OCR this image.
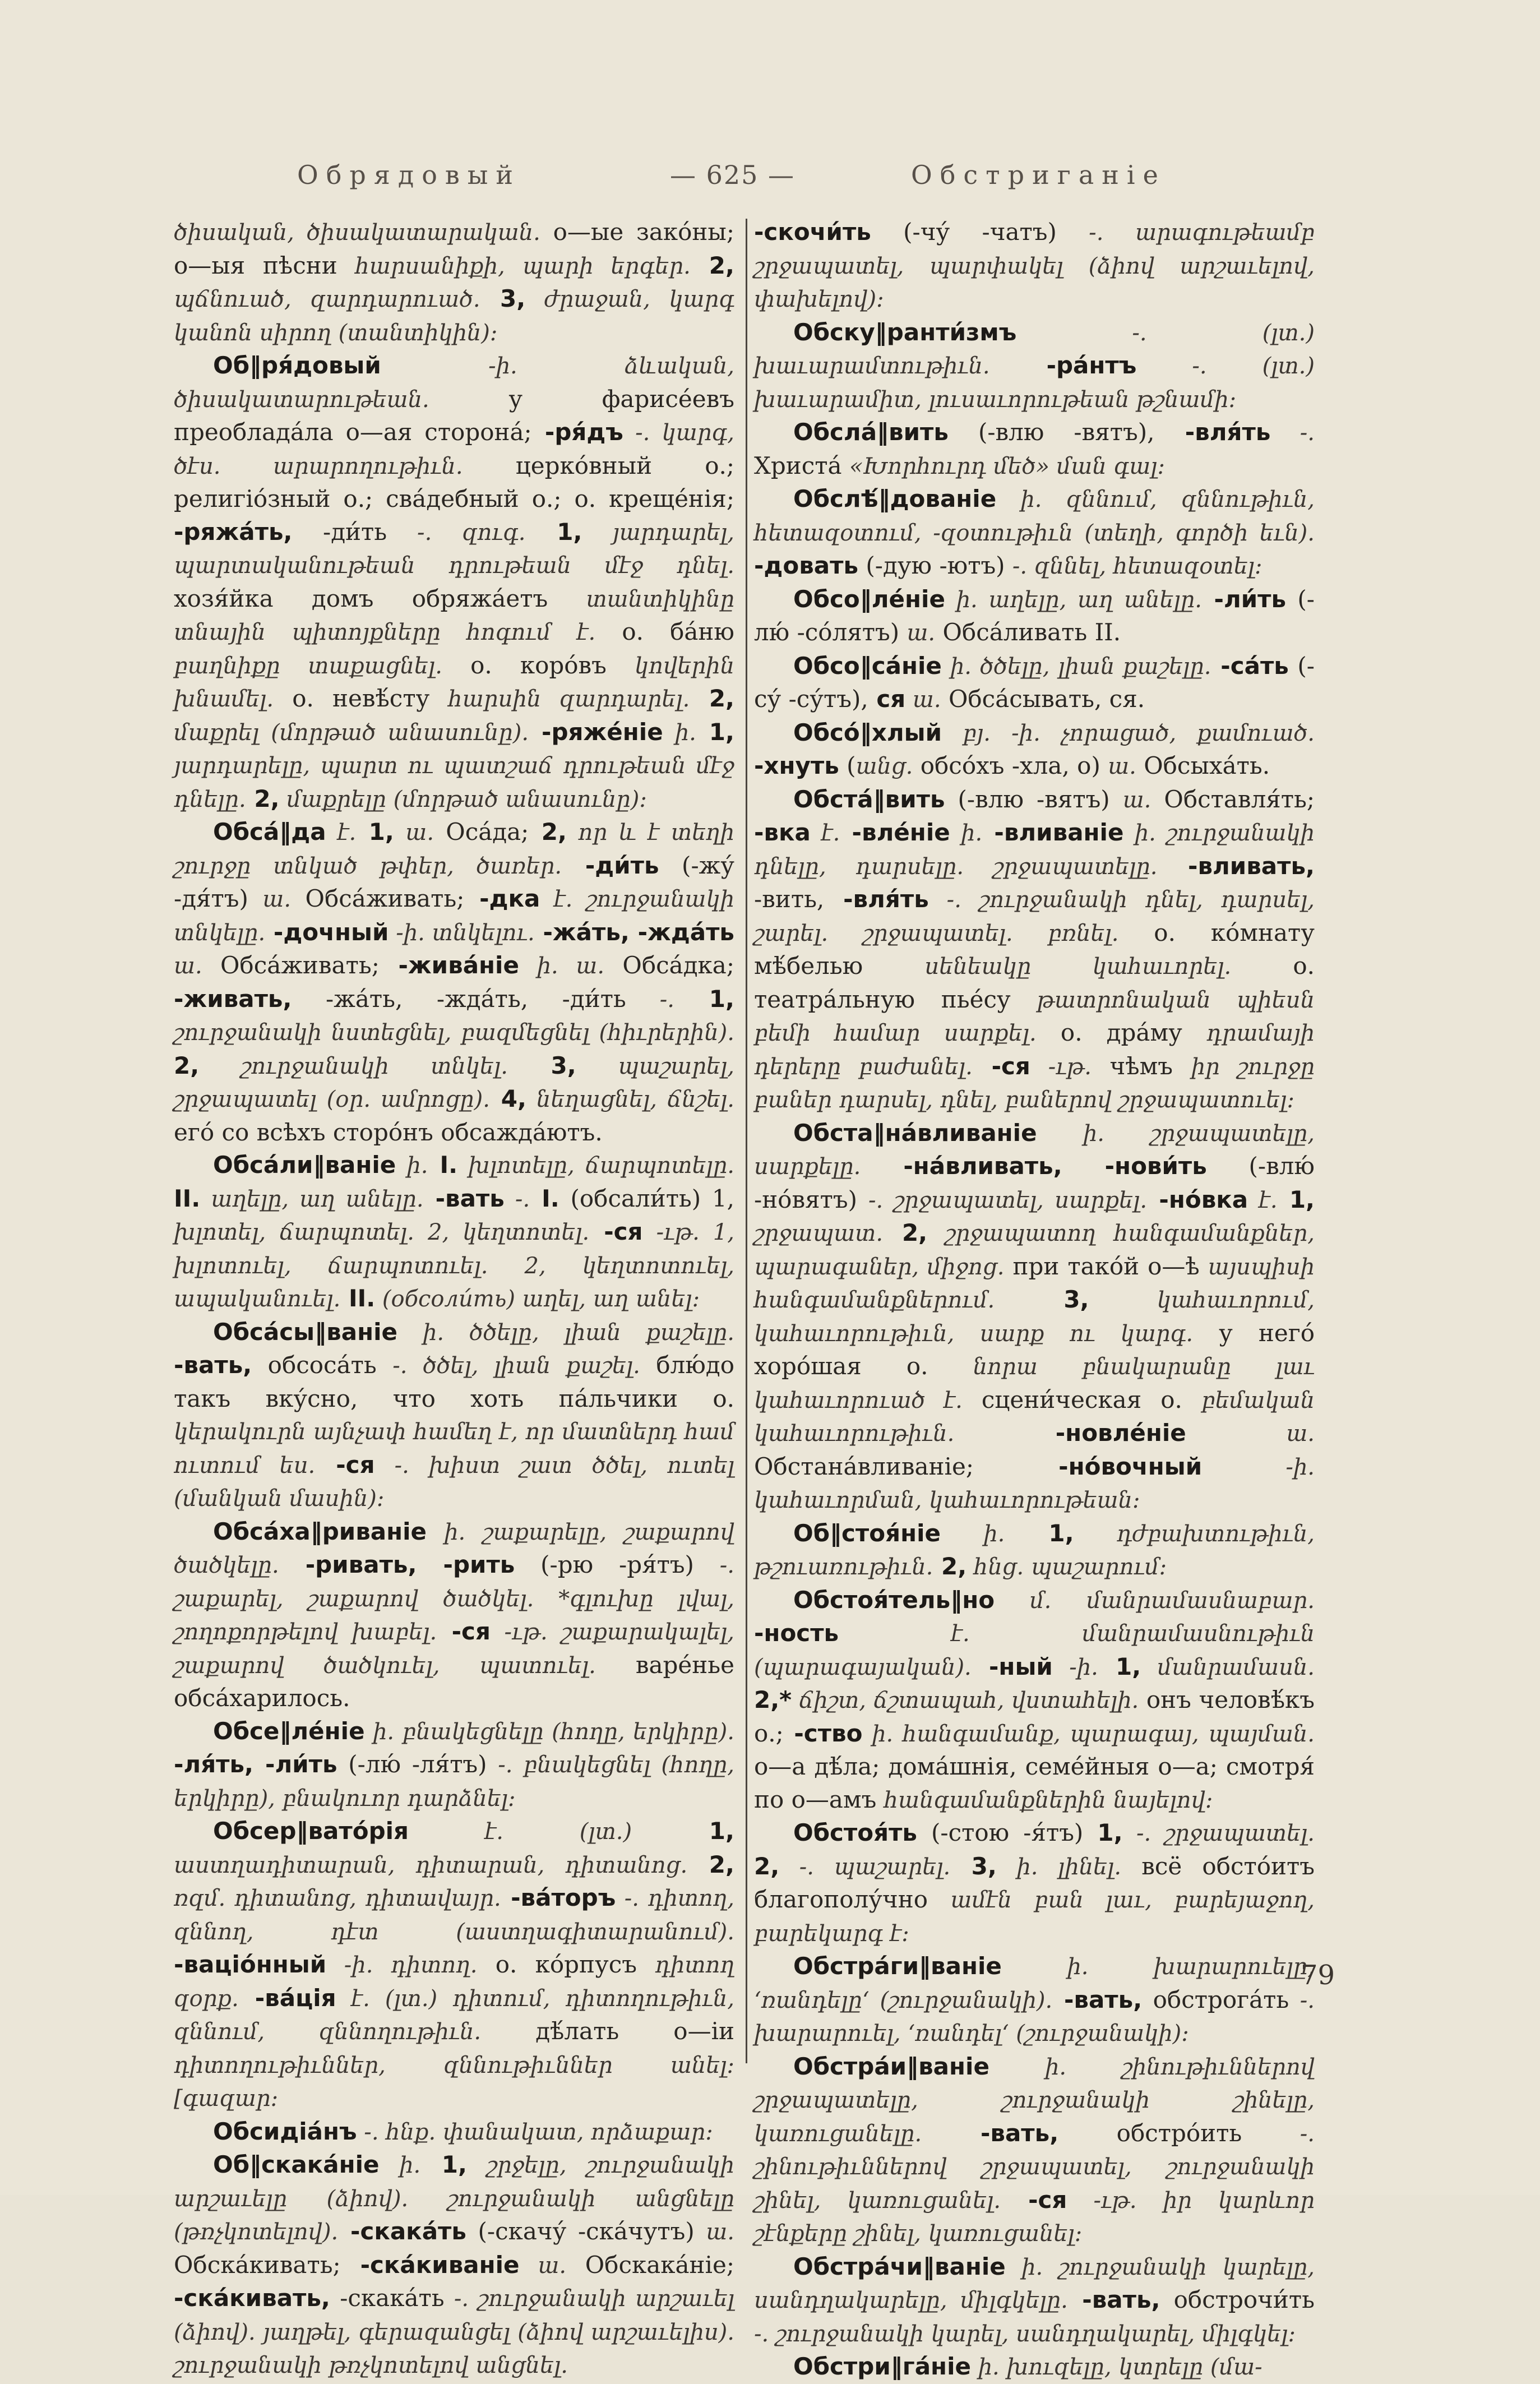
Обрядовый	— 625 —	Обстриганіе

ծիսական, ծիսակատարական. о—ые зако́ны; о—ыя пѣсни հարսանիքի, պարի երգեր. 2, պճնուած, զարդարուած. 3, ժրաջան, կարգ կանոն սիրող (տանտիկին):

Об‖ря́довый ‑ի. ձևական, ծիսակատարութեան. у фарисе́евъ преоблада́ла о—ая сторона́; ‑ря́дъ ‑. կարգ, ծէս. արարողութիւն. церко́вный о.; религіо́зный о.; сва́дебный о.; о. креще́нія; ‑ряжа́ть, -ди́ть ‑. զուգ. 1, յարդարել, պարտականութեան դրութեան մէջ դնել. хозя́йка домъ обряжа́етъ տանտիկինը տնային պիտոյքները հոգում է. о. ба́ню բաղնիքը տաքացնել. о. коро́въ կովերին խնամել. о. невѣ́сту հարսին զարդարել. 2, մաքրել (մորթած անասունը). ‑ряже́ніе ի. 1, յարդարելը, պարտ ու պատշաճ դրութեան մէջ դնելը. 2, մաքրելը (մորթած անասունը):

Обса́‖да է. 1, ա. Оса́да; 2, որ և է տեղի շուրջը տնկած թփեր, ծառեր. ‑ди́ть (-жу́ -дя́тъ) ա. Обса́живать; ‑дка է. շուրջանակի տնկելը. ‑дочный ‑ի. տնկելու. ‑жа́ть, ‑жда́ть ա. Обса́живать; ‑жива́ніе ի. ա. Обса́дка; ‑живать, -жа́ть, -жда́ть, -ди́ть ‑. 1, շուրջանակի նստեցնել, բազմեցնել (հիւրերին). 2, շուրջանակի տնկել. 3, պաշարել, շրջապատել (օր. ամրոցը). 4, նեղացնել, ճնշել. его́ со всѣхъ сторо́нъ обсажда́ютъ.

Обса́ли‖ваніе ի. I. խլոտելը, ճարպոտելը. II. աղելը, աղ անելը. ‑вать ‑. I. (обсали́ть) 1, խլոտել, ճարպոտել. 2, կեղտոտել. ‑ся ‑ւթ. 1, խլոտուել, ճարպոտուել. 2, կեղտոտուել, ապականուել. II. (обсоли́ть) աղել, աղ անել:

Обса́сы‖ваніе ի. ծծելը, լիան քաշելը. ‑вать, обсоса́ть ‑. ծծել, լիան քաշել. блю́до такъ вку́сно, что хоть па́льчики о. կերակուրն այնչափ համեղ է, որ մատներդ համ ուտում ես. ‑ся ‑. խիստ շատ ծծել, ուտել (մանկան մասին):

Обса́ха‖риваніе ի. շաքարելը, շաքարով ծածկելը. ‑ривать, ‑рить (-рю -ря́тъ) ‑. շաքարել, շաքարով ծածկել. *գլուխը լվալ, շողոքորթելով խաբել. ‑ся ‑ւթ. շաքարակալել, շաքարով ծածկուել, պատուել. варе́нье обса́харилось.

Обсе‖ле́ніе ի. բնակեցնելը (հողը, երկիրը). ‑ля́ть, ‑ли́ть (-лю́ -ля́тъ) ‑. բնակեցնել (հողը, երկիրը), բնակուոր դարձնել:

Обсер‖вато́рія է. (լտ.) 1, աստղադիտարան, դիտարան, դիտանոց. 2, ռզմ. դիտանոց, դիտավայր. ‑ва́торъ ‑. դիտող, զննող, դէտ (աստղագիտարանում). ‑ваціо́нный ‑ի. դիտող. о. ко́рпусъ դիտող զօրք. ‑ва́ція է. (լտ.) դիտում, դիտողութիւն, զննում, զննողութիւն. дѣ́лать о—іи դիտողութիւններ, զննութիւններ անել: [գազար:

Обсидіа́нъ ‑. հնք. փանակատ, որձաքար:

Об‖скака́ніе ի. 1, շրջելը, շուրջանակի արշաւելը (ձիով). շուրջանակի անցնելը (թռչկոտելով). ‑скака́ть (-скачу́ -ска́чутъ) ա. Обска́кивать; ‑ска́киваніе ա. Обскака́ніе; ‑ска́кивать, -скака́ть ‑. շուրջանակի արշաւել (ձիով). յաղթել, գերազանցել (ձիով արշաւելիս). շուրջանակի թռչկոտելով անցնել.

‑скочи́ть (-чу́ -чатъ) ‑. արագութեամբ շրջապատել, պարփակել (ձիով արշաւելով, փախելով):

Обску‖ранти́змъ ‑. (լտ.) խաւարամտութիւն. ‑ра́нтъ ‑. (լտ.) խաւարամիտ, լուսաւորութեան թշնամի:

Обсла́‖вить (-влю -вятъ), ‑вля́ть ‑. Христа́ «Խորհուրդ մեծ» ման գալ:

Обслѣ́‖дованіе ի. զննում, զննութիւն, հետազօտում, ‑զօտութիւն (տեղի, գործի եւն). ‑довать (-дую -ютъ) ‑. զննել, հետազօտել:

Обсо‖ле́ніе ի. աղելը, աղ անելը. ‑ли́ть (-лю́ -со́лятъ) ա. Обса́ливать II.

Обсо‖са́ніе ի. ծծելը, լիան քաշելը. ‑са́ть (-су́ -су́тъ), ся ա. Обса́сывать, ся.

Обсо́‖хлый բյ. ‑ի. չորացած, քամուած. ‑хнуть (անց. обсо́хъ -хла, о) ա. Обсыха́ть.

Обста́‖вить (-влю -вятъ) ա. Обставля́ть; ‑вка է. ‑вле́ніе ի. ‑вливаніе ի. շուրջանակի դնելը, դարսելը. շրջապատելը. ‑вливать, -вить, ‑вля́ть ‑. շուրջանակի դնել, դարսել, շարել. շրջապատել. բռնել. о. ко́мнату мѣ́белью սենեակը կահաւորել. о. театра́льную пье́су թատրոնական պիեսն բեմի համար սարքել. о. дра́му դրամայի դերերը բաժանել. ‑ся ‑ւթ. чѣмъ իր շուրջը բաներ դարսել, դնել, բաներով շրջապատուել:

Обста‖на́вливаніе ի. շրջապատելը, սարքելը. ‑на́вливать, ‑нови́ть (-влю́ -но́вятъ) ‑. շրջապատել, սարքել. ‑но́вка է. 1, շրջապատ. 2, շրջապատող հանգամանքներ, պարագաներ, միջոց. при тако́й о—ѣ այսպիսի հանգամանքներում. 3, կահաւորում, կահաւորութիւն, սարք ու կարգ. у него́ хоро́шая о. նորա բնակարանը լաւ կահաւորուած է. сцени́ческая о. բեմական կահաւորութիւն. ‑новле́ніе ա. Обстана́вливаніе; ‑но́вочный ‑ի. կահաւորման, կահաւորութեան:

Об‖стоя́ніе ի. 1, դժբախտութիւն, թշուառութիւն. 2, հնց. պաշարում:

Обстоя́тель‖но մ. մանրամասնաբար. ‑ность է. մանրամասնութիւն (պարագայական). ‑ный ‑ի. 1, մանրամասն. 2,* ճիշտ, ճշտապահ, վստահելի. онъ человѣ́къ о.; ‑ство ի. հանգամանք, պարագայ, պայման. о—а дѣ́ла; дома́шнія, семе́йныя о—а; смотря́ по о—амъ հանգամանքներին նայելով:

Обстоя́ть (-стою -я́тъ) 1, ‑. շրջապատել. 2, ‑. պաշարել. 3, ի. լինել. всё обсто́итъ благополу́чно ամէն բան լաւ, բարեյաջող, բարեկարգ է:

Обстра́ги‖ваніе ի. խարարուելը, ‘ռանդելը‘ (շուրջանակի). ‑вать, обстрога́ть ‑. խարարուել, ‘ռանդել‘ (շուրջանակի):

Обстра́и‖ваніе ի. շինութիւններով շրջապատելը, շուրջանակի շինելը, կառուցանելը. ‑вать, обстро́ить ‑. շինութիւններով շրջապատել, շուրջանակի շինել, կառուցանել. ‑ся ‑ւթ. իր կարևոր շէնքերը շինել, կառուցանել:

Обстра́чи‖ваніе ի. շուրջանակի կարելը, սանդղակարելը, միլգկելը. ‑вать, обстрочи́ть ‑. շուրջանակի կարել, սանդղակարել, միլգկել:

Обстри‖га́ніе ի. խուզելը, կտրելը (մա‑

79
